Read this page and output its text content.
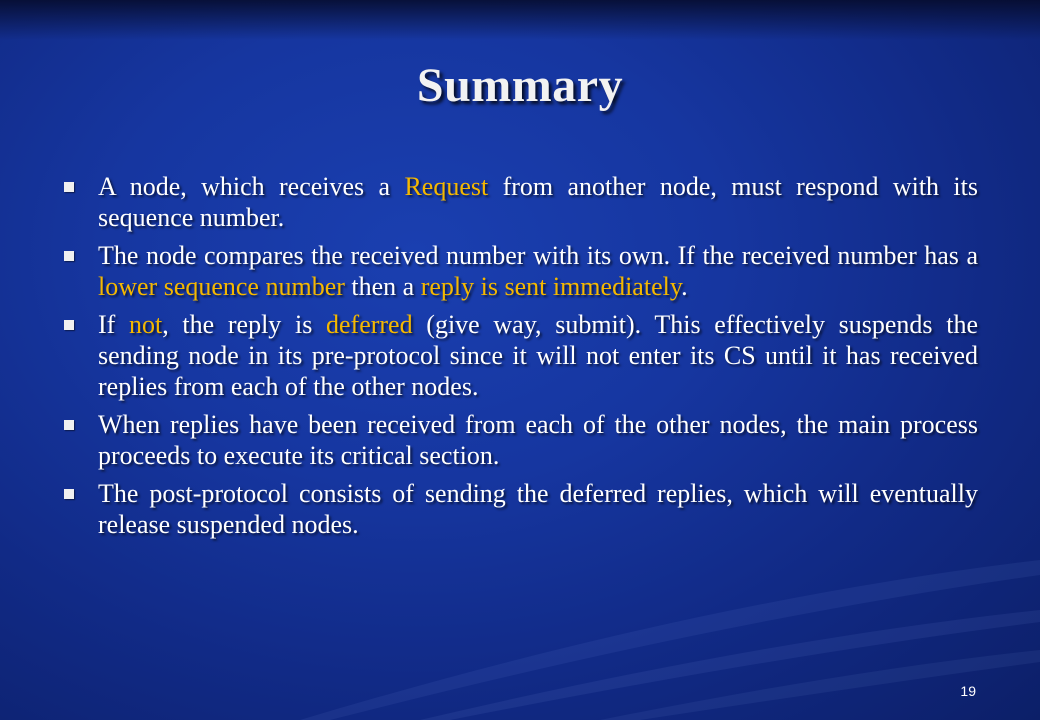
Summary
A node, which receives a Request from another node, must respond with its sequence number.
The node compares the received number with its own. If the received number has a lower sequence number then a reply is sent immediately.
If not, the reply is deferred (give way, submit). This effectively suspends the sending node in its pre-protocol since it will not enter its CS until it has received replies from each of the other nodes.
When replies have been received from each of the other nodes, the main process proceeds to execute its critical section.
The post-protocol consists of sending the deferred replies, which will eventually release suspended nodes.
19
